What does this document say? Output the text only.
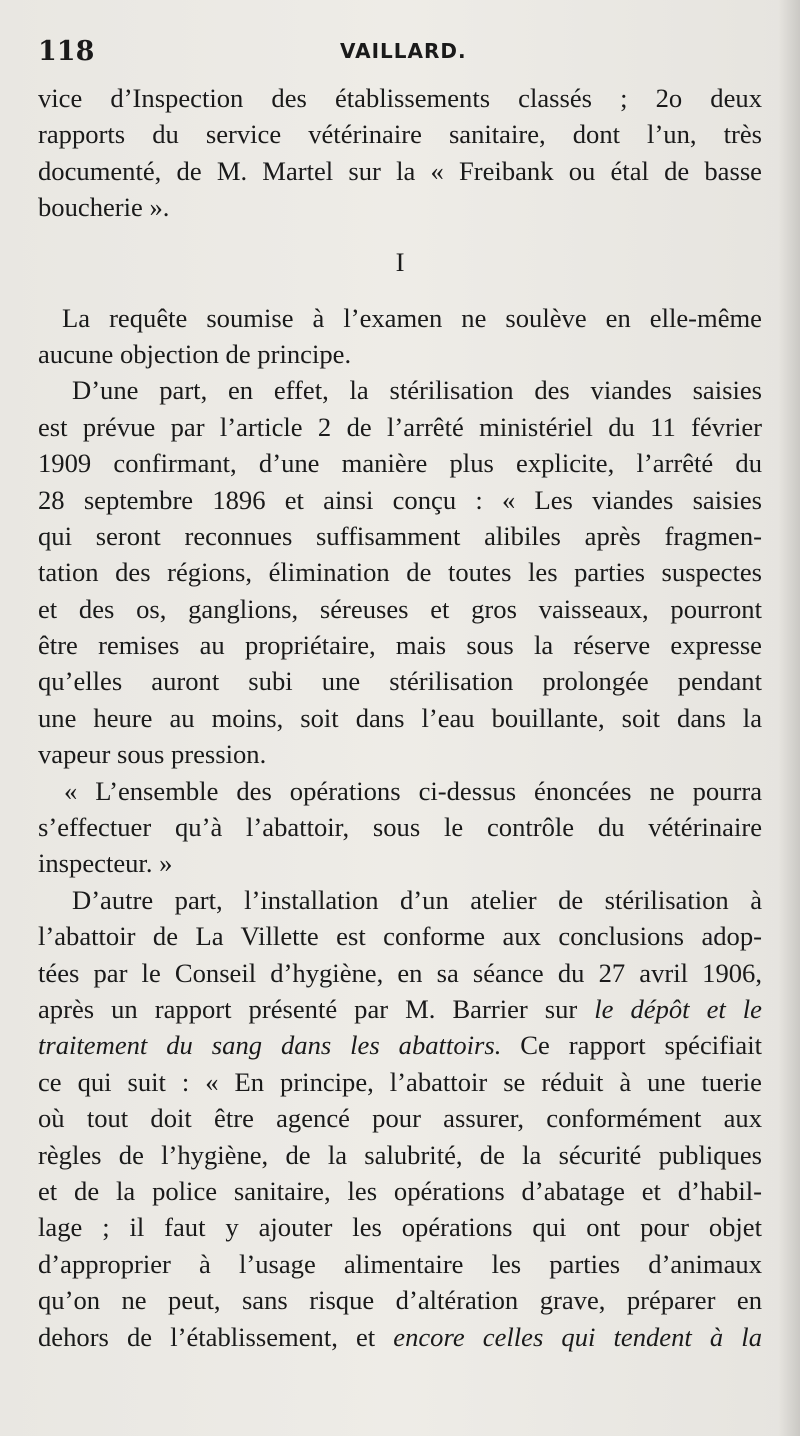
118	VAILLARD.
vice d’Inspection des établissements classés ; 2o deux
rapports du service vétérinaire sanitaire, dont l’un, très
documenté, de M. Martel sur la « Freibank ou étal de basse
boucherie ».
I
La requête soumise à l’examen ne soulève en elle-même
aucune objection de principe.
D’une part, en effet, la stérilisation des viandes saisies
est prévue par l’article 2 de l’arrêté ministériel du 11 février
1909 confirmant, d’une manière plus explicite, l’arrêté du
28 septembre 1896 et ainsi conçu : « Les viandes saisies
qui seront reconnues suffisamment alibiles après fragmen-
tation des régions, élimination de toutes les parties suspectes
et des os, ganglions, séreuses et gros vaisseaux, pourront
être remises au propriétaire, mais sous la réserve expresse
qu’elles auront subi une stérilisation prolongée pendant
une heure au moins, soit dans l’eau bouillante, soit dans la
vapeur sous pression.
« L’ensemble des opérations ci-dessus énoncées ne pourra
s’effectuer qu’à l’abattoir, sous le contrôle du vétérinaire
inspecteur. »
D’autre part, l’installation d’un atelier de stérilisation à
l’abattoir de La Villette est conforme aux conclusions adop-
tées par le Conseil d’hygiène, en sa séance du 27 avril 1906,
après un rapport présenté par M. Barrier sur le dépôt et le
traitement du sang dans les abattoirs. Ce rapport spécifiait
ce qui suit : « En principe, l’abattoir se réduit à une tuerie
où tout doit être agencé pour assurer, conformément aux
règles de l’hygiène, de la salubrité, de la sécurité publiques
et de la police sanitaire, les opérations d’abatage et d’habil-
lage ; il faut y ajouter les opérations qui ont pour objet
d’approprier à l’usage alimentaire les parties d’animaux
qu’on ne peut, sans risque d’altération grave, préparer en
dehors de l’établissement, et encore celles qui tendent à la
